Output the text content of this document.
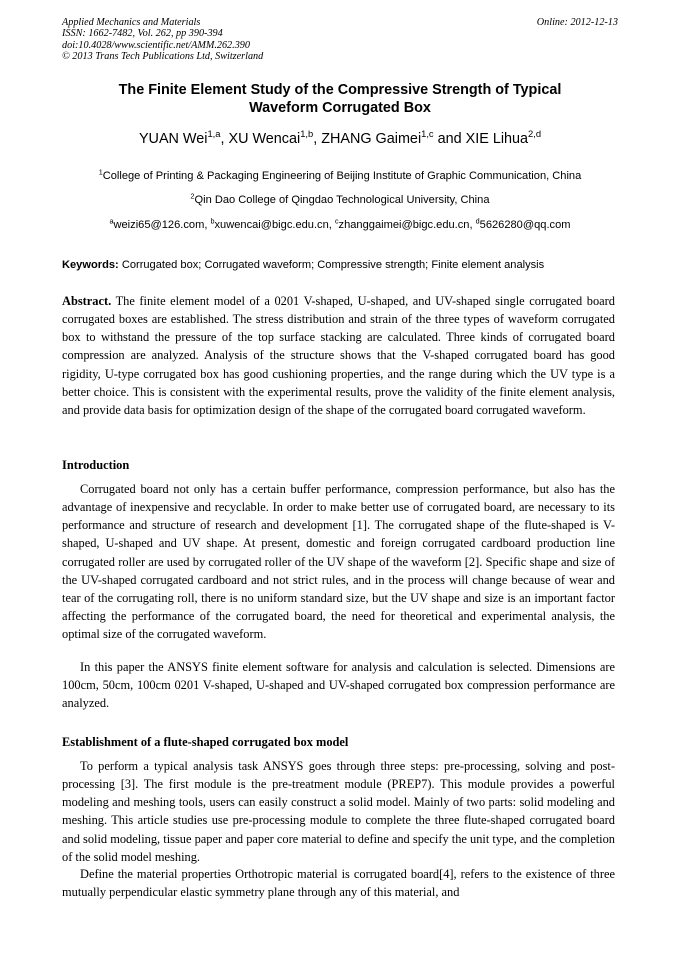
Applied Mechanics and Materials
ISSN: 1662-7482, Vol. 262, pp 390-394
doi:10.4028/www.scientific.net/AMM.262.390
© 2013 Trans Tech Publications Ltd, Switzerland
Online: 2012-12-13
The Finite Element Study of the Compressive Strength of Typical
Waveform Corrugated Box
YUAN Wei$^{1,a}$, XU Wencai$^{1,b}$, ZHANG Gaimei$^{1,c}$ and XIE Lihua$^{2,d}$
$^1$College of Printing & Packaging Engineering of Beijing Institute of Graphic Communication, China
$^2$Qin Dao College of Qingdao Technological University, China
$^a$weizi65@126.com, $^b$xuwencai@bigc.edu.cn, $^c$zhanggaimei@bigc.edu.cn, $^d$5626280@qq.com
Keywords: Corrugated box; Corrugated waveform; Compressive strength; Finite element analysis

Abstract. The finite element model of a 0201 V-shaped, U-shaped, and UV-shaped single corrugated board corrugated boxes are established. The stress distribution and strain of the three types of waveform corrugated box to withstand the pressure of the top surface stacking are calculated. Three kinds of corrugated board compression are analyzed. Analysis of the structure shows that the V-shaped corrugated board has good rigidity, U-type corrugated box has good cushioning properties, and the range during which the UV type is a better choice. This is consistent with the experimental results, prove the validity of the finite element analysis, and provide data basis for optimization design of the shape of the corrugated board corrugated waveform.

Introduction

Corrugated board not only has a certain buffer performance, compression performance, but also has the advantage of inexpensive and recyclable. In order to make better use of corrugated board, are necessary to its performance and structure of research and development [1]. The corrugated shape of the flute-shaped is V-shaped, U-shaped and UV shape. At present, domestic and foreign corrugated cardboard production line corrugated roller are used by corrugated roller of the UV shape of the waveform [2]. Specific shape and size of the UV-shaped corrugated cardboard and not strict rules, and in the process will change because of wear and tear of the corrugating roll, there is no uniform standard size, but the UV shape and size is an important factor affecting the performance of the corrugated board, the need for theoretical and experimental analysis, the optimal size of the corrugated waveform.

In this paper the ANSYS finite element software for analysis and calculation is selected. Dimensions are 100cm, 50cm, 100cm 0201 V-shaped, U-shaped and UV-shaped corrugated box compression performance are analyzed.

Establishment of a flute-shaped corrugated box model

To perform a typical analysis task ANSYS goes through three steps: pre-processing, solving and post-processing [3]. The first module is the pre-treatment module (PREP7). This module provides a powerful modeling and meshing tools, users can easily construct a solid model. Mainly of two parts: solid modeling and meshing. This article studies use pre-processing module to complete the three flute-shaped corrugated board and solid modeling, tissue paper and paper core material to define and specify the unit type, and the completion of the solid model meshing.

Define the material properties Orthotropic material is corrugated board[4], refers to the existence of three mutually perpendicular elastic symmetry plane through any of this material, and
